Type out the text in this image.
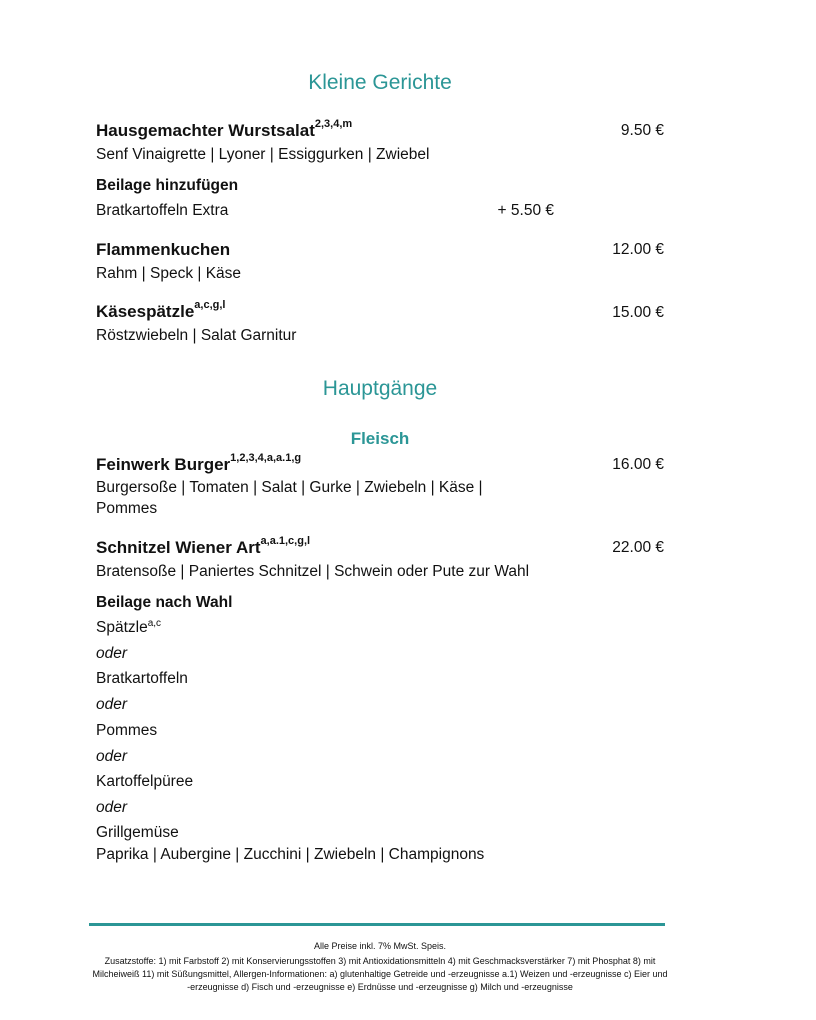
Kleine Gerichte
Hausgemachter Wurstsalat$^{2,3,4,m}$	9.50 €
Senf Vinaigrette | Lyoner | Essiggurken | Zwiebel
Beilage hinzufügen
Bratkartoffeln Extra	+ 5.50 €
Flammenkuchen	12.00 €
Rahm | Speck | Käse
Käsespätzle$^{a,c,g,l}$	15.00 €
Röstzwiebeln | Salat Garnitur
Hauptgänge
Fleisch
Feinwerk Burger$^{1,2,3,4,a,a.1,g}$	16.00 €
Burgersoße | Tomaten | Salat | Gurke | Zwiebeln | Käse |
Pommes
Schnitzel Wiener Art$^{a,a.1,c,g,l}$	22.00 €
Bratensoße | Paniertes Schnitzel | Schwein oder Pute zur Wahl
Beilage nach Wahl
Spätzle$^{a,c}$
oder
Bratkartoffeln
oder
Pommes
oder
Kartoffelpüree
oder
Grillgemüse
Paprika | Aubergine | Zucchini | Zwiebeln | Champignons
Alle Preise inkl. 7% MwSt. Speis.
Zusatzstoffe: 1) mit Farbstoff 2) mit Konservierungsstoffen 3) mit Antioxidationsmitteln 4) mit Geschmacksverstärker 7) mit Phosphat 8) mit Milcheiweiß 11) mit Süßungsmittel, Allergen-Informationen: a) glutenhaltige Getreide und -erzeugnisse a.1) Weizen und -erzeugnisse c) Eier und -erzeugnisse d) Fisch und -erzeugnisse e) Erdnüsse und -erzeugnisse g) Milch und -erzeugnisse
